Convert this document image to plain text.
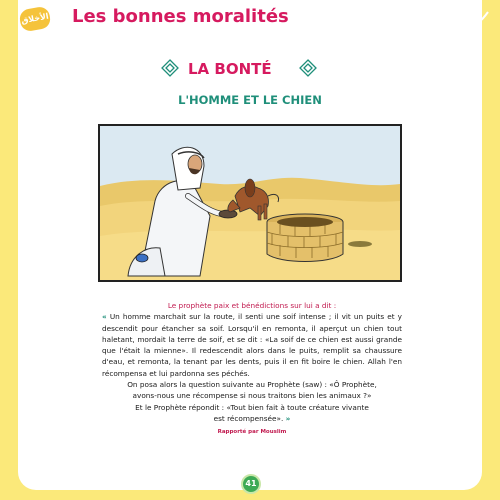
الأخلاق Les bonnes moralités
LA BONTÉ
L'HOMME ET LE CHIEN
Le prophète paix et bénédictions sur lui a dit :
« Un homme marchait sur la route, il senti une soif intense ; il vit un puits et y descendit pour étancher sa soif. Lorsqu'il en remonta, il aperçut un chien tout haletant, mordait la terre de soif, et se dit : «La soif de ce chien est aussi grande que l'était la mienne». Il redescendit alors dans le puits, remplit sa chaussure d'eau, et remonta, la tenant par les dents, puis il en fit boire le chien. Allah l'en récompensa et lui pardonna ses péchés.
On posa alors la question suivante au Prophète (saw) : «Ô Prophète,
avons-nous une récompense si nous traitons bien les animaux ?»
Et le Prophète répondit : «Tout bien fait à toute créature vivante
est récompensée». »
Rapporté par Mouslim
41
